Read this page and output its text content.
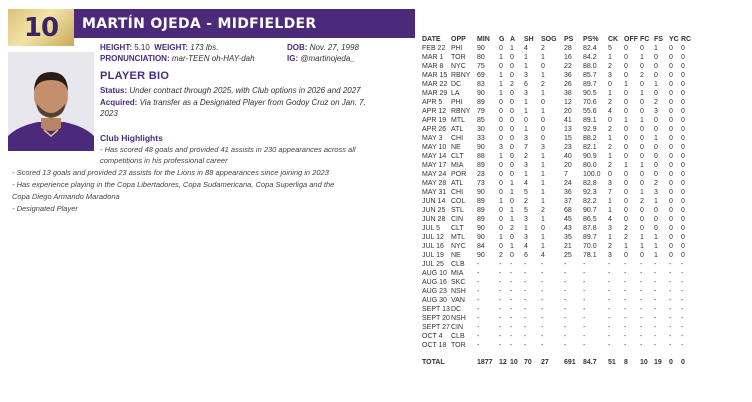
10	MARTÍN OJEDA - MIDFIELDER
HEIGHT: 5.10 WEIGHT: 173 lbs.	DOB: Nov. 27, 1998
PRONUNCIATION: mar-TEEN oh-HAY-dah	IG: @martinojeda_
PLAYER BIO
Status: Under contract through 2025, with Club options in 2026 and 2027
Acquired: Via transfer as a Designated Player from Godoy Cruz on Jan. 7,
2023
Club Highlights
- Has scored 48 goals and provided 41 assists in 230 appearances across all
competitions in his professional career
- Scored 13 goals and provided 23 assists for the Lions in 88 appearances since joining in 2023
- Has experience playing in the Copa Libertadores, Copa Sudamericana, Copa Superliga and the
Copa Diego Armando Maradona
- Designated Player
DATE	OPP	MIN	G	A	SH	SOG	PS	PS%	CK	OFF	FC	FS	YC	RC
FEB 22	PHI	90	0	1	4	2	28	82.4	5	0	0	1	0	0
MAR 1	TOR	80	1	0	1	1	16	84.2	1	0	1	0	0	0
MAR 8	NYC	75	0	0	1	0	22	88.0	2	0	0	0	0	0
MAR 15	RBNY	69	1	0	3	1	36	85.7	3	0	2	0	0	0
MAR 22	DC	83	1	2	6	2	26	89.7	0	1	0	1	0	0
MAR 29	LA	90	1	0	3	1	38	90.5	1	0	1	0	0	0
APR 5	PHI	89	0	0	1	0	12	70.6	2	0	0	2	0	0
APR 12	RBNY	79	0	0	1	1	20	55.6	4	0	0	3	0	0
APR 19	MTL	85	0	0	0	0	41	89.1	0	1	1	0	0	0
APR 26	ATL	30	0	0	1	0	13	92.9	2	0	0	0	0	0
MAY 3	CHI	33	0	0	3	0	15	88.2	1	0	0	1	0	0
MAY 10	NE	90	3	0	7	3	23	82.1	2	0	0	0	0	0
MAY 14	CLT	88	1	0	2	1	40	90.9	1	0	0	0	0	0
MAY 17	MIA	89	0	0	3	1	20	80.0	2	1	1	0	0	0
MAY 24	POR	23	0	0	1	1	7	100.0	0	0	0	0	0	0
MAY 28	ATL	73	0	1	4	1	24	82.8	3	0	0	2	0	0
MAY 31	CHI	90	0	1	5	1	36	92.3	7	0	1	3	0	0
JUN 14	COL	89	1	0	2	1	37	82.2	1	0	2	1	0	0
JUN 25	STL	89	0	1	5	2	68	90.7	1	0	0	0	0	0
JUN 28	CIN	89	0	1	3	1	45	86.5	4	0	0	0	0	0
JUL 5	CLT	90	0	2	1	0	43	87.8	3	2	0	0	0	0
JUL 12	MTL	90	1	0	3	1	35	89.7	1	2	1	1	0	0
JUL 16	NYC	84	0	1	4	1	21	70.0	2	1	1	1	0	0
JUL 19	NE	90	2	0	6	4	25	78.1	3	0	0	1	0	0
JUL 25	CLB	-	-	-	-	-	-	-	-	-	-	-	-	-
AUG 10	MIA	-	-	-	-	-	-	-	-	-	-	-	-	-
AUG 16	SKC	-	-	-	-	-	-	-	-	-	-	-	-	-
AUG 23	NSH	-	-	-	-	-	-	-	-	-	-	-	-	-
AUG 30	VAN	-	-	-	-	-	-	-	-	-	-	-	-	-
SEPT 13	DC	-	-	-	-	-	-	-	-	-	-	-	-	-
SEPT 20	NSH	-	-	-	-	-	-	-	-	-	-	-	-	-
SEPT 27	CIN	-	-	-	-	-	-	-	-	-	-	-	-	-
OCT 4	CLB	-	-	-	-	-	-	-	-	-	-	-	-	-
OCT 18	TOR	-	-	-	-	-	-	-	-	-	-	-	-	-
TOTAL		1877	12	10	70	27	691	84.7	51	8	10	19	0	0
